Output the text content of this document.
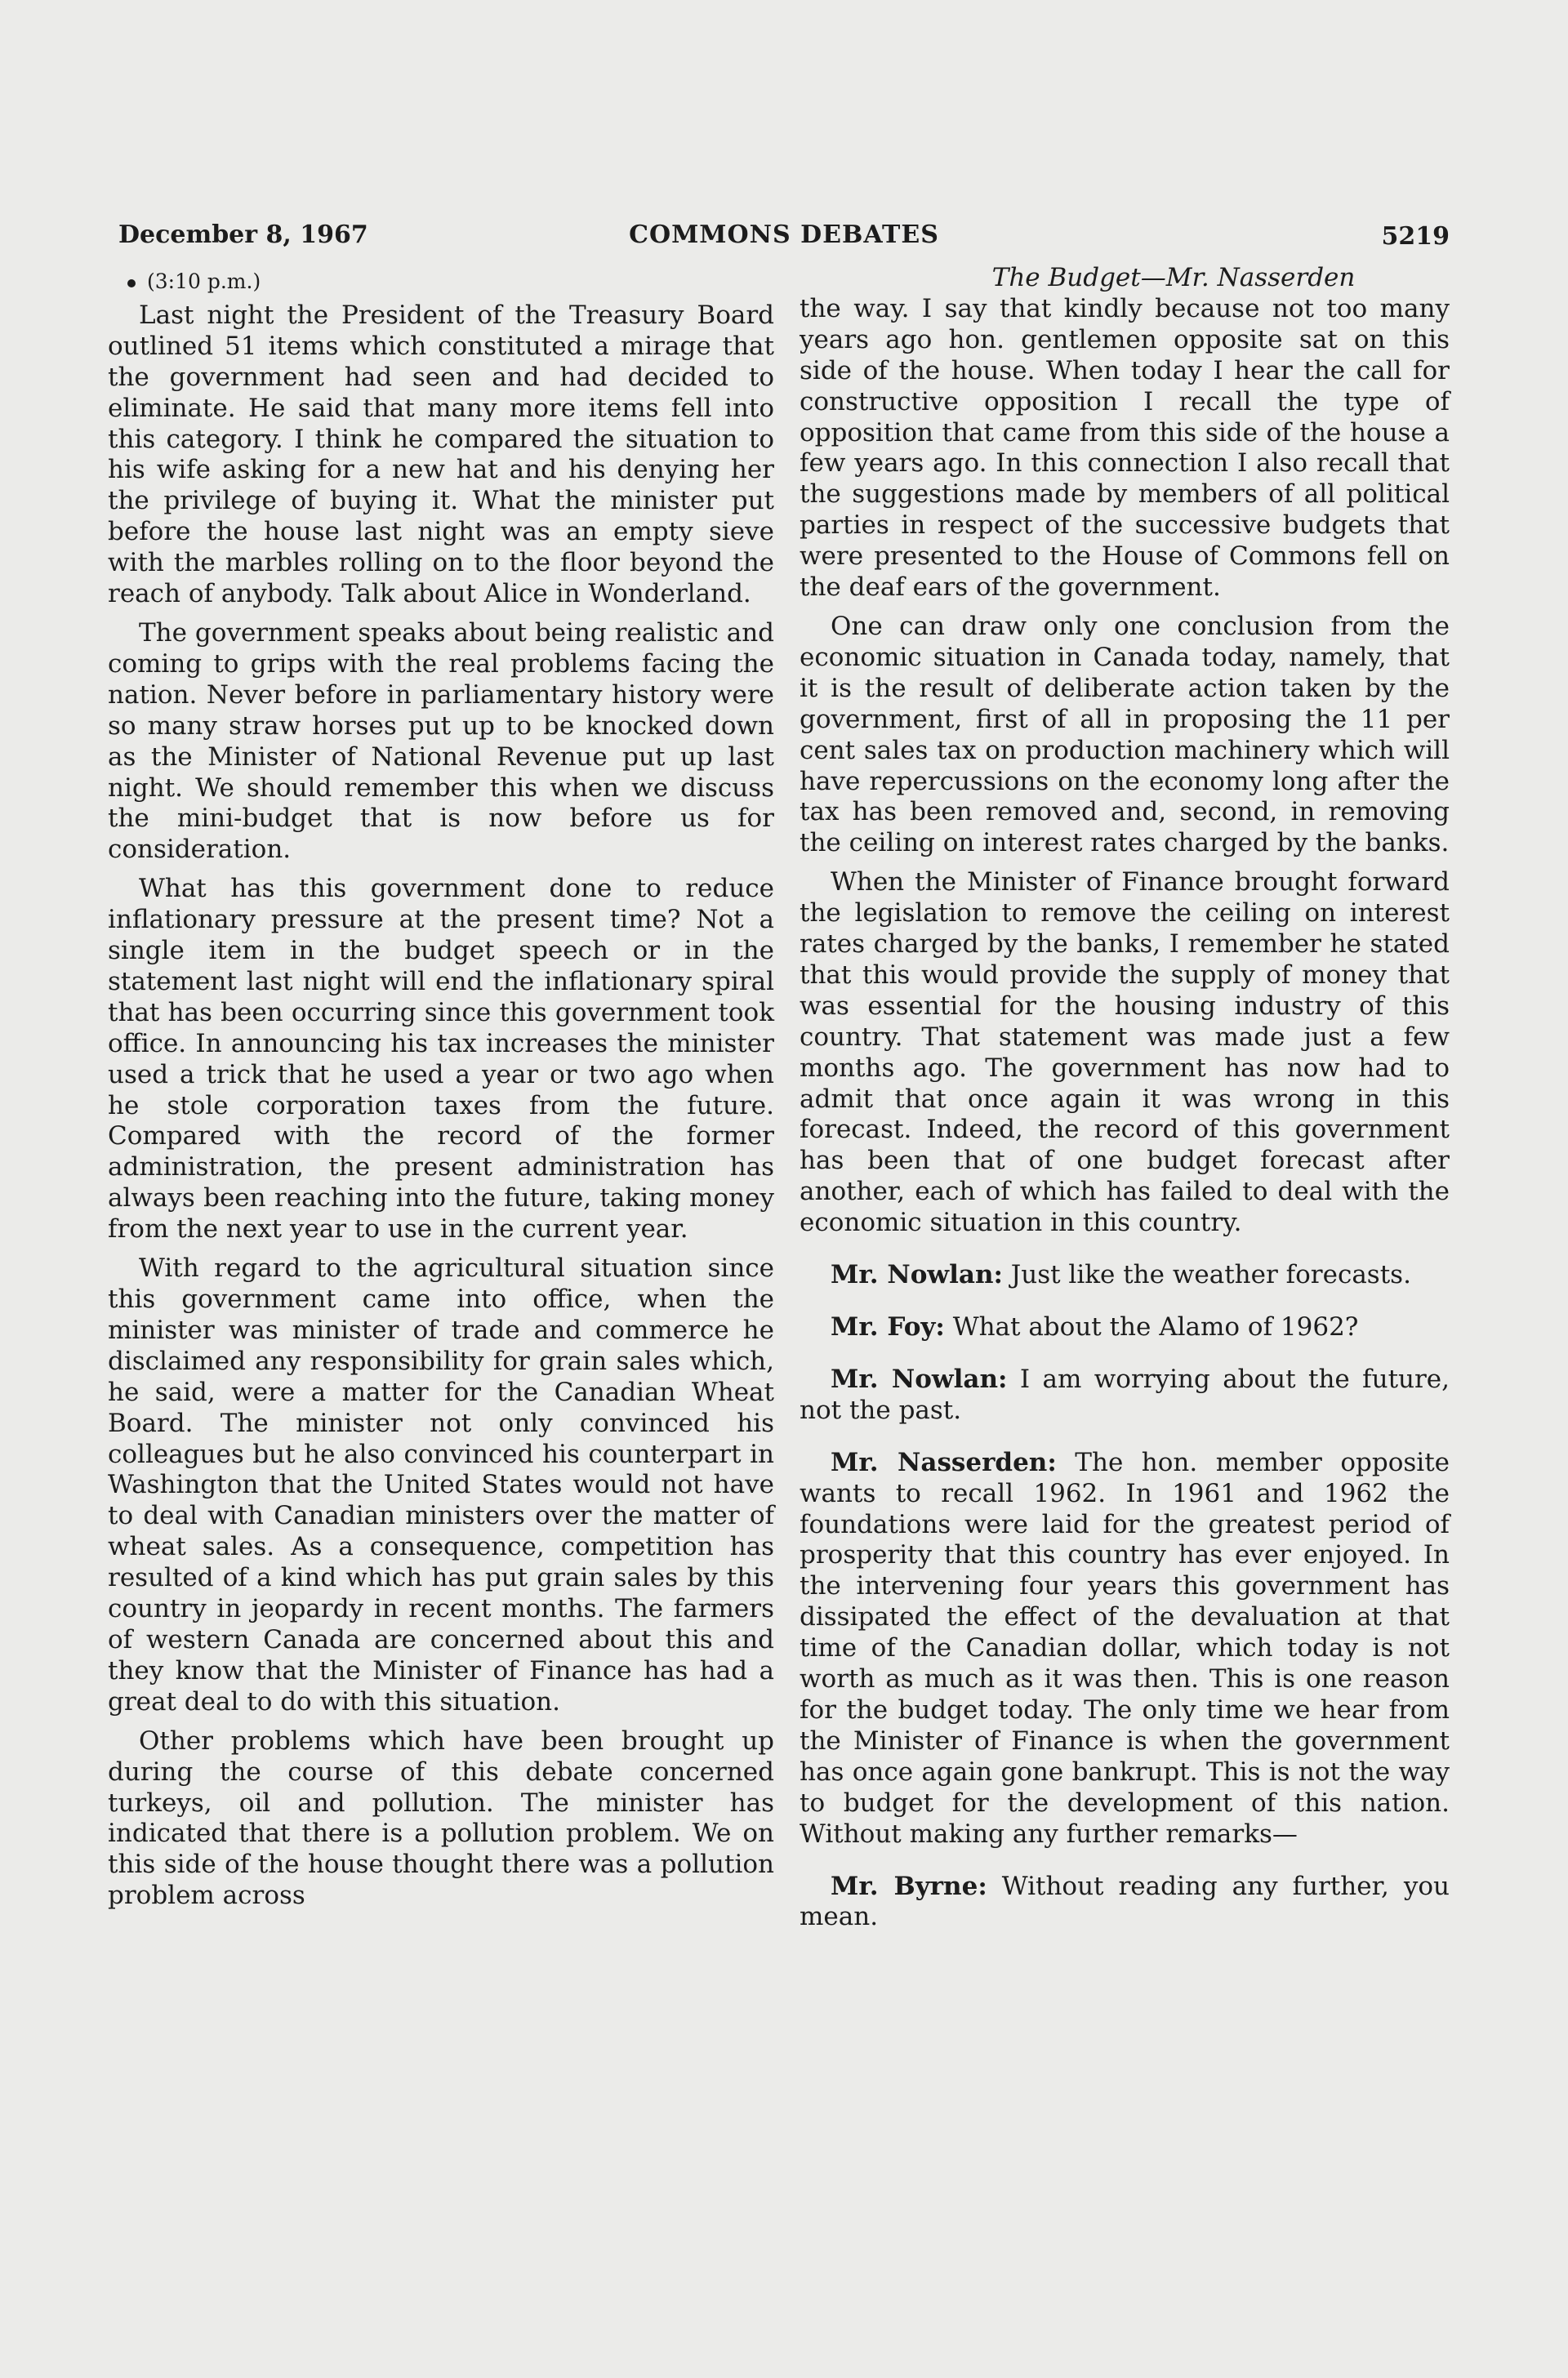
December 8, 1967	COMMONS DEBATES	5219
(3:10 p.m.)

Last night the President of the Treasury Board outlined 51 items which constituted a mirage that the government had seen and had decided to eliminate. He said that many more items fell into this category. I think he compared the situation to his wife asking for a new hat and his denying her the privilege of buying it. What the minister put before the house last night was an empty sieve with the marbles rolling on to the floor beyond the reach of anybody. Talk about Alice in Wonderland.

The government speaks about being realistic and coming to grips with the real problems facing the nation. Never before in parliamentary history were so many straw horses put up to be knocked down as the Minister of National Revenue put up last night. We should remember this when we discuss the mini-budget that is now before us for consideration.

What has this government done to reduce inflationary pressure at the present time? Not a single item in the budget speech or in the statement last night will end the inflationary spiral that has been occurring since this government took office. In announcing his tax increases the minister used a trick that he used a year or two ago when he stole corporation taxes from the future. Compared with the record of the former administration, the present administration has always been reaching into the future, taking money from the next year to use in the current year.

With regard to the agricultural situation since this government came into office, when the minister was minister of trade and commerce he disclaimed any responsibility for grain sales which, he said, were a matter for the Canadian Wheat Board. The minister not only convinced his colleagues but he also convinced his counterpart in Washington that the United States would not have to deal with Canadian ministers over the matter of wheat sales. As a consequence, competition has resulted of a kind which has put grain sales by this country in jeopardy in recent months. The farmers of western Canada are concerned about this and they know that the Minister of Finance has had a great deal to do with this situation.

Other problems which have been brought up during the course of this debate concerned turkeys, oil and pollution. The minister has indicated that there is a pollution problem. We on this side of the house thought there was a pollution problem across

The Budget—Mr. Nasserden

the way. I say that kindly because not too many years ago hon. gentlemen opposite sat on this side of the house. When today I hear the call for constructive opposition I recall the type of opposition that came from this side of the house a few years ago. In this connection I also recall that the suggestions made by members of all political parties in respect of the successive budgets that were presented to the House of Commons fell on the deaf ears of the government.

One can draw only one conclusion from the economic situation in Canada today, namely, that it is the result of deliberate action taken by the government, first of all in proposing the 11 per cent sales tax on production machinery which will have repercussions on the economy long after the tax has been removed and, second, in removing the ceiling on interest rates charged by the banks.

When the Minister of Finance brought forward the legislation to remove the ceiling on interest rates charged by the banks, I remember he stated that this would provide the supply of money that was essential for the housing industry of this country. That statement was made just a few months ago. The government has now had to admit that once again it was wrong in this forecast. Indeed, the record of this government has been that of one budget forecast after another, each of which has failed to deal with the economic situation in this country.

Mr. Nowlan: Just like the weather forecasts.

Mr. Foy: What about the Alamo of 1962?

Mr. Nowlan: I am worrying about the future, not the past.

Mr. Nasserden: The hon. member opposite wants to recall 1962. In 1961 and 1962 the foundations were laid for the greatest period of prosperity that this country has ever enjoyed. In the intervening four years this government has dissipated the effect of the devaluation at that time of the Canadian dollar, which today is not worth as much as it was then. This is one reason for the budget today. The only time we hear from the Minister of Finance is when the government has once again gone bankrupt. This is not the way to budget for the development of this nation. Without making any further remarks—

Mr. Byrne: Without reading any further, you mean.
